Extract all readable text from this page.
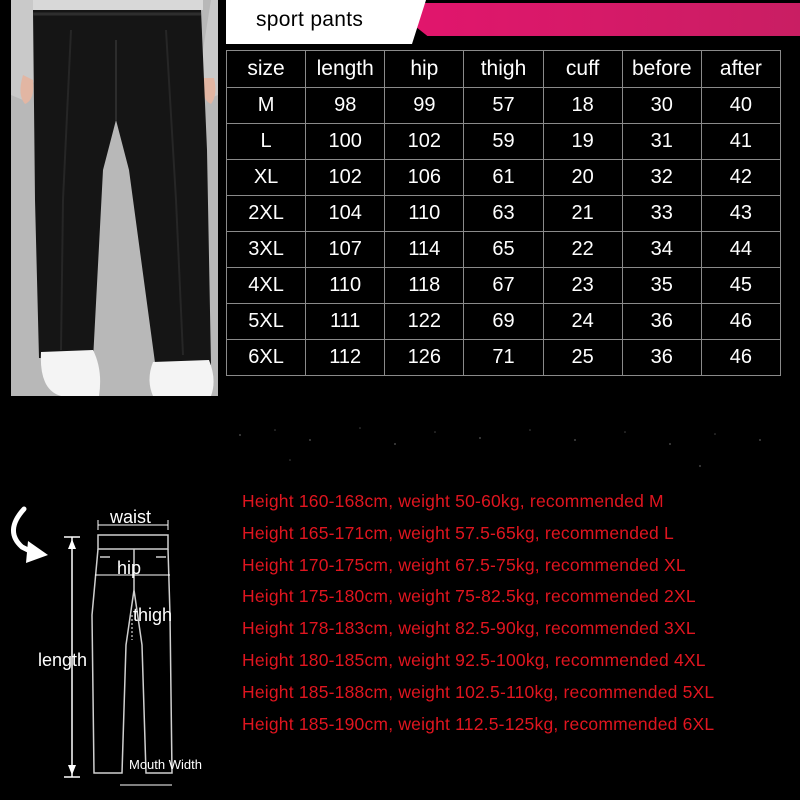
sport pants
size	length	hip	thigh	cuff	before	after
M	98	99	57	18	30	40
L	100	102	59	19	31	41
XL	102	106	61	20	32	42
2XL	104	110	63	21	33	43
3XL	107	114	65	22	34	44
4XL	110	118	67	23	35	45
5XL	111	122	69	24	36	46
6XL	112	126	71	25	36	46
waist
hip
thigh
length
Mouth Width
Height 160-168cm, weight 50-60kg, recommended M
Height 165-171cm, weight 57.5-65kg, recommended L
Height 170-175cm, weight 67.5-75kg, recommended XL
Height 175-180cm, weight 75-82.5kg, recommended 2XL
Height 178-183cm, weight 82.5-90kg, recommended 3XL
Height 180-185cm, weight 92.5-100kg, recommended 4XL
Height 185-188cm, weight 102.5-110kg, recommended 5XL
Height 185-190cm, weight 112.5-125kg, recommended 6XL
